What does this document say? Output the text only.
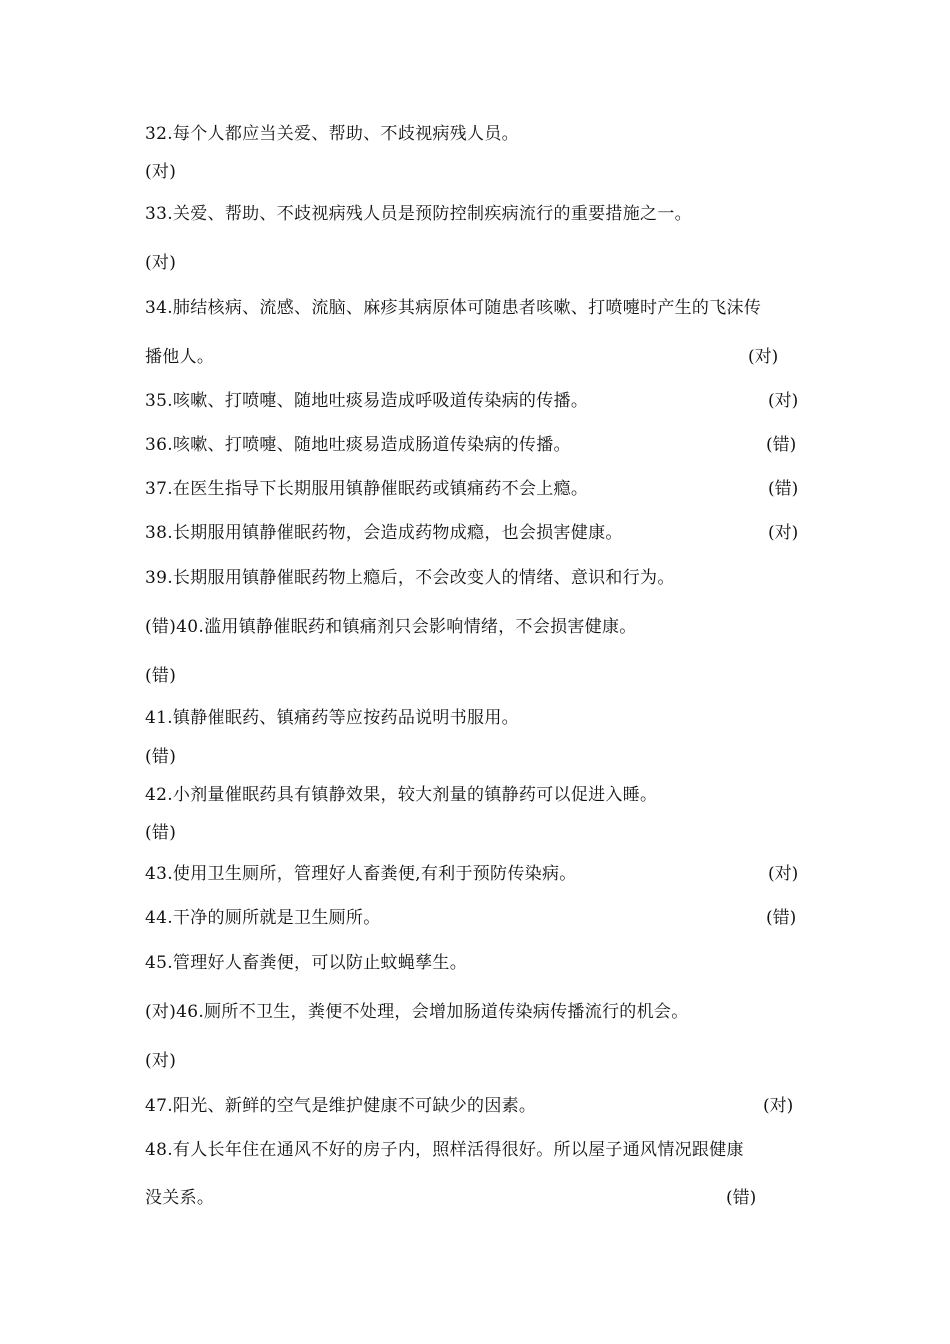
32.每个人都应当关爱、帮助、不歧视病残人员。
(对)
33.关爱、帮助、不歧视病残人员是预防控制疾病流行的重要措施之一。
(对)
34.肺结核病、流感、流脑、麻疹其病原体可随患者咳嗽、打喷嚏时产生的飞沫传
播他人。	(对)
35.咳嗽、打喷嚏、随地吐痰易造成呼吸道传染病的传播。	(对)
36.咳嗽、打喷嚏、随地吐痰易造成肠道传染病的传播。	(错)
37.在医生指导下长期服用镇静催眠药或镇痛药不会上瘾。	(错)
38.长期服用镇静催眠药物，会造成药物成瘾，也会损害健康。	(对)
39.长期服用镇静催眠药物上瘾后，不会改变人的情绪、意识和行为。
(错)40.滥用镇静催眠药和镇痛剂只会影响情绪，不会损害健康。
(错)
41.镇静催眠药、镇痛药等应按药品说明书服用。
(错)
42.小剂量催眠药具有镇静效果，较大剂量的镇静药可以促进入睡。
(错)
43.使用卫生厕所，管理好人畜粪便,有利于预防传染病。	(对)
44.干净的厕所就是卫生厕所。	(错)
45.管理好人畜粪便，可以防止蚊蝇孳生。
(对)46.厕所不卫生，粪便不处理，会增加肠道传染病传播流行的机会。
(对)
47.阳光、新鲜的空气是维护健康不可缺少的因素。	(对)
48.有人长年住在通风不好的房子内，照样活得很好。所以屋子通风情况跟健康
没关系。	(错)
